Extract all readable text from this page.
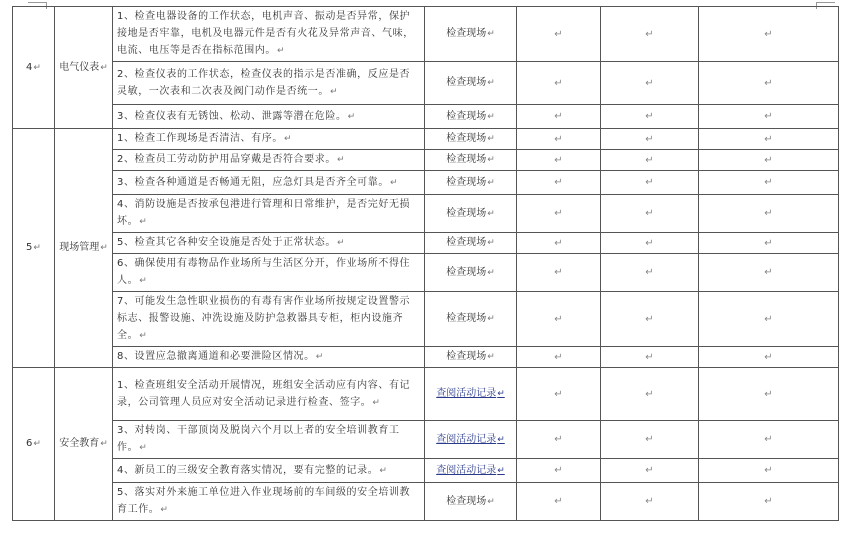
4↵	电气仪表↵	1、检查电器设备的工作状态，电机声音、振动是否异常，保护接地是否牢靠，电机及电器元件是否有火花及异常声音、气味，电流、电压等是否在指标范围内。↵	检查现场↵	↵	↵	↵
		2、检查仪表的工作状态，检查仪表的指示是否准确，反应是否灵敏，一次表和二次表及阀门动作是否统一。↵	检查现场↵	↵	↵	↵
		3、检查仪表有无锈蚀、松动、泄露等潜在危险。↵	检查现场↵	↵	↵	↵
5↵	现场管理↵	1、检查工作现场是否清洁、有序。↵	检查现场↵	↵	↵	↵
		2、检查员工劳动防护用品穿戴是否符合要求。↵	检查现场↵	↵	↵	↵
		3、检查各种通道是否畅通无阻，应急灯具是否齐全可靠。↵	检查现场↵	↵	↵	↵
		4、消防设施是否按承包港进行管理和日常维护，是否完好无损坏。↵	检查现场↵	↵	↵	↵
		5、检查其它各种安全设施是否处于正常状态。↵	检查现场↵	↵	↵	↵
		6、确保使用有毒物品作业场所与生活区分开，作业场所不得住人。↵	检查现场↵	↵	↵	↵
		7、可能发生急性职业损伤的有毒有害作业场所按规定设置警示标志、报警设施、冲洗设施及防护急救器具专柜，柜内设施齐全。↵	检查现场↵	↵	↵	↵
		8、设置应急撤离通道和必要泄险区情况。↵	检查现场↵	↵	↵	↵
6↵	安全教育↵	1、检查班组安全活动开展情况，班组安全活动应有内容、有记录，公司管理人员应对安全活动记录进行检查、签字。↵	查阅活动记录↵	↵	↵	↵
		3、对转岗、干部顶岗及脱岗六个月以上者的安全培训教育工作。↵	查阅活动记录↵	↵	↵	↵
		4、新员工的三级安全教育落实情况，要有完整的记录。↵	查阅活动记录↵	↵	↵	↵
		5、落实对外来施工单位进入作业现场前的车间级的安全培训教育工作。↵	检查现场↵	↵	↵	↵
